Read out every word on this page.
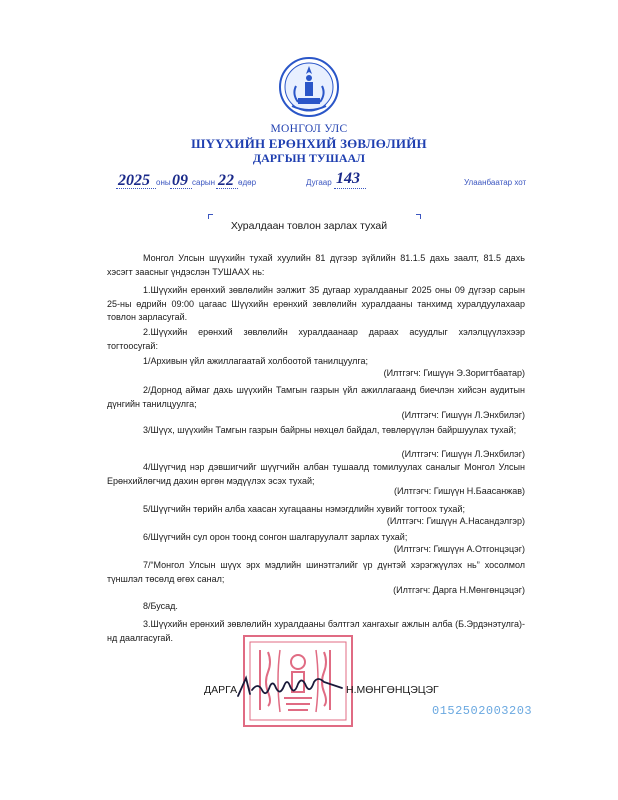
МОНГОЛ УЛС
ШҮҮХИЙН ЕРӨНХИЙ ЗӨВЛӨЛИЙН
ДАРГЫН ТУШААЛ
2025 оны 09 сарын 22 өдөр	Дугаар 143	Улаанбаатар хот
Хуралдаан товлон зарлах тухай
Монгол Улсын шүүхийн тухай хуулийн 81 дүгээр зүйлийн 81.1.5 дахь заалт, 81.5 дахь хэсэгт заасныг үндэслэн ТУШААХ нь:
1.Шүүхийн ерөнхий зөвлөлийн ээлжит 35 дугаар хуралдааныг 2025 оны 09 дүгээр сарын 25-ны өдрийн 09:00 цагаас Шүүхийн ерөнхий зөвлөлийн хуралдааны танхимд хуралдуулахаар товлон зарласугай.
2.Шүүхийн ерөнхий зөвлөлийн хуралдаанаар дараах асуудлыг хэлэлцүүлэхээр тогтоосугай:
1/Архивын үйл ажиллагаатай холбоотой танилцуулга;
(Илтгэгч: Гишүүн Э.Зоригтбаатар)
2/Дорнод аймаг дахь шүүхийн Тамгын газрын үйл ажиллагаанд биечлэн хийсэн аудитын дүнгийн танилцуулга;
(Илтгэгч: Гишүүн Л.Энхбилэг)
3/Шүүх, шүүхийн Тамгын газрын байрны нөхцөл байдал, төвлөрүүлэн байршуулах тухай;
(Илтгэгч: Гишүүн Л.Энхбилэг)
4/Шүүгчид нэр дэвшигчийг шүүгчийн албан тушаалд томилуулах саналыг Монгол Улсын Ерөнхийлөгчид дахин өргөн мэдүүлэх эсэх тухай;
(Илтгэгч: Гишүүн Н.Баасанжав)
5/Шүүгчийн төрийн алба хаасан хугацааны нэмэгдлийн хувийг тогтоох тухай;
(Илтгэгч: Гишүүн А.Насандэлгэр)
6/Шүүгчийн сул орон тоонд сонгон шалгаруулалт зарлах тухай;
(Илтгэгч: Гишүүн А.Отгонцэцэг)
7/“Монгол Улсын шүүх эрх мэдлийн шинэтгэлийг үр дүнтэй хэрэгжүүлэх нь” хосолмол түншлэл төсөлд өгөх санал;
(Илтгэгч: Дарга Н.Мөнгөнцэцэг)
8/Бусад.
3.Шүүхийн ерөнхий зөвлөлийн хуралдааны бэлтгэл хангахыг ажлын алба (Б.Эрдэнэтулга)-нд даалгасугай.
ДАРГА	Н.МӨНГӨНЦЭЦЭГ
0152502003203
